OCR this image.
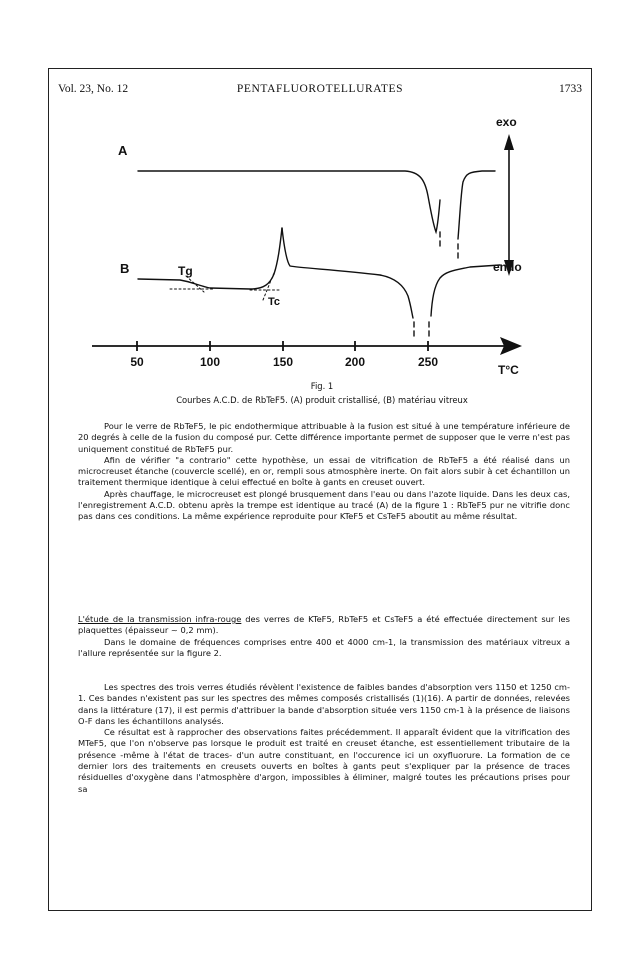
Vol. 23, No. 12	PENTAFLUOROTELLURATES	1733
A
B	Tg
Tc
exo
endo
50	100	150	200	250
T°C
Fig. 1
Courbes A.C.D. de RbTeF5. (A) produit cristallisé, (B) matériau vitreux

Pour le verre de RbTeF5, le pic endothermique attribuable à la fusion est situé à une température inférieure de 20 degrés à celle de la fusion du composé pur. Cette différence importante permet de supposer que le verre n'est pas uniquement constitué de RbTeF5 pur.

Afin de vérifier "a contrario" cette hypothèse, un essai de vitrification de RbTeF5 a été réalisé dans un microcreuset étanche (couvercle scellé), en or, rempli sous atmosphère inerte. On fait alors subir à cet échantillon un traitement thermique identique à celui effectué en boîte à gants en creuset ouvert.

Après chauffage, le microcreuset est plongé brusquement dans l'eau ou dans l'azote liquide. Dans les deux cas, l'enregistrement A.C.D. obtenu après la trempe est identique au tracé (A) de la figure 1 : RbTeF5 pur ne vitrifie donc pas dans ces conditions. La même expérience reproduite pour KTeF5 et CsTeF5 aboutit au même résultat.

L'étude de la transmission infra-rouge des verres de KTeF5, RbTeF5 et CsTeF5 a été effectuée directement sur les plaquettes (épaisseur ~ 0,2 mm).

Dans le domaine de fréquences comprises entre 400 et 4000 cm-1, la transmission des matériaux vitreux a l'allure représentée sur la figure 2.

Les spectres des trois verres étudiés révèlent l'existence de faibles bandes d'absorption vers 1150 et 1250 cm-1. Ces bandes n'existent pas sur les spectres des mêmes composés cristallisés (1)(16). A partir de données, relevées dans la littérature (17), il est permis d'attribuer la bande d'absorption située vers 1150 cm-1 à la présence de liaisons O-F dans les échantillons analysés.

Ce résultat est à rapprocher des observations faites précédemment. Il apparaît évident que la vitrification des MTeF5, que l'on n'observe pas lorsque le produit est traité en creuset étanche, est essentiellement tributaire de la présence -même à l'état de traces- d'un autre constituant, en l'occurence ici un oxyfluorure. La formation de ce dernier lors des traitements en creusets ouverts en boîtes à gants peut s'expliquer par la présence de traces résiduelles d'oxygène dans l'atmosphère d'argon, impossibles à éliminer, malgré toutes les précautions prises pour sa
